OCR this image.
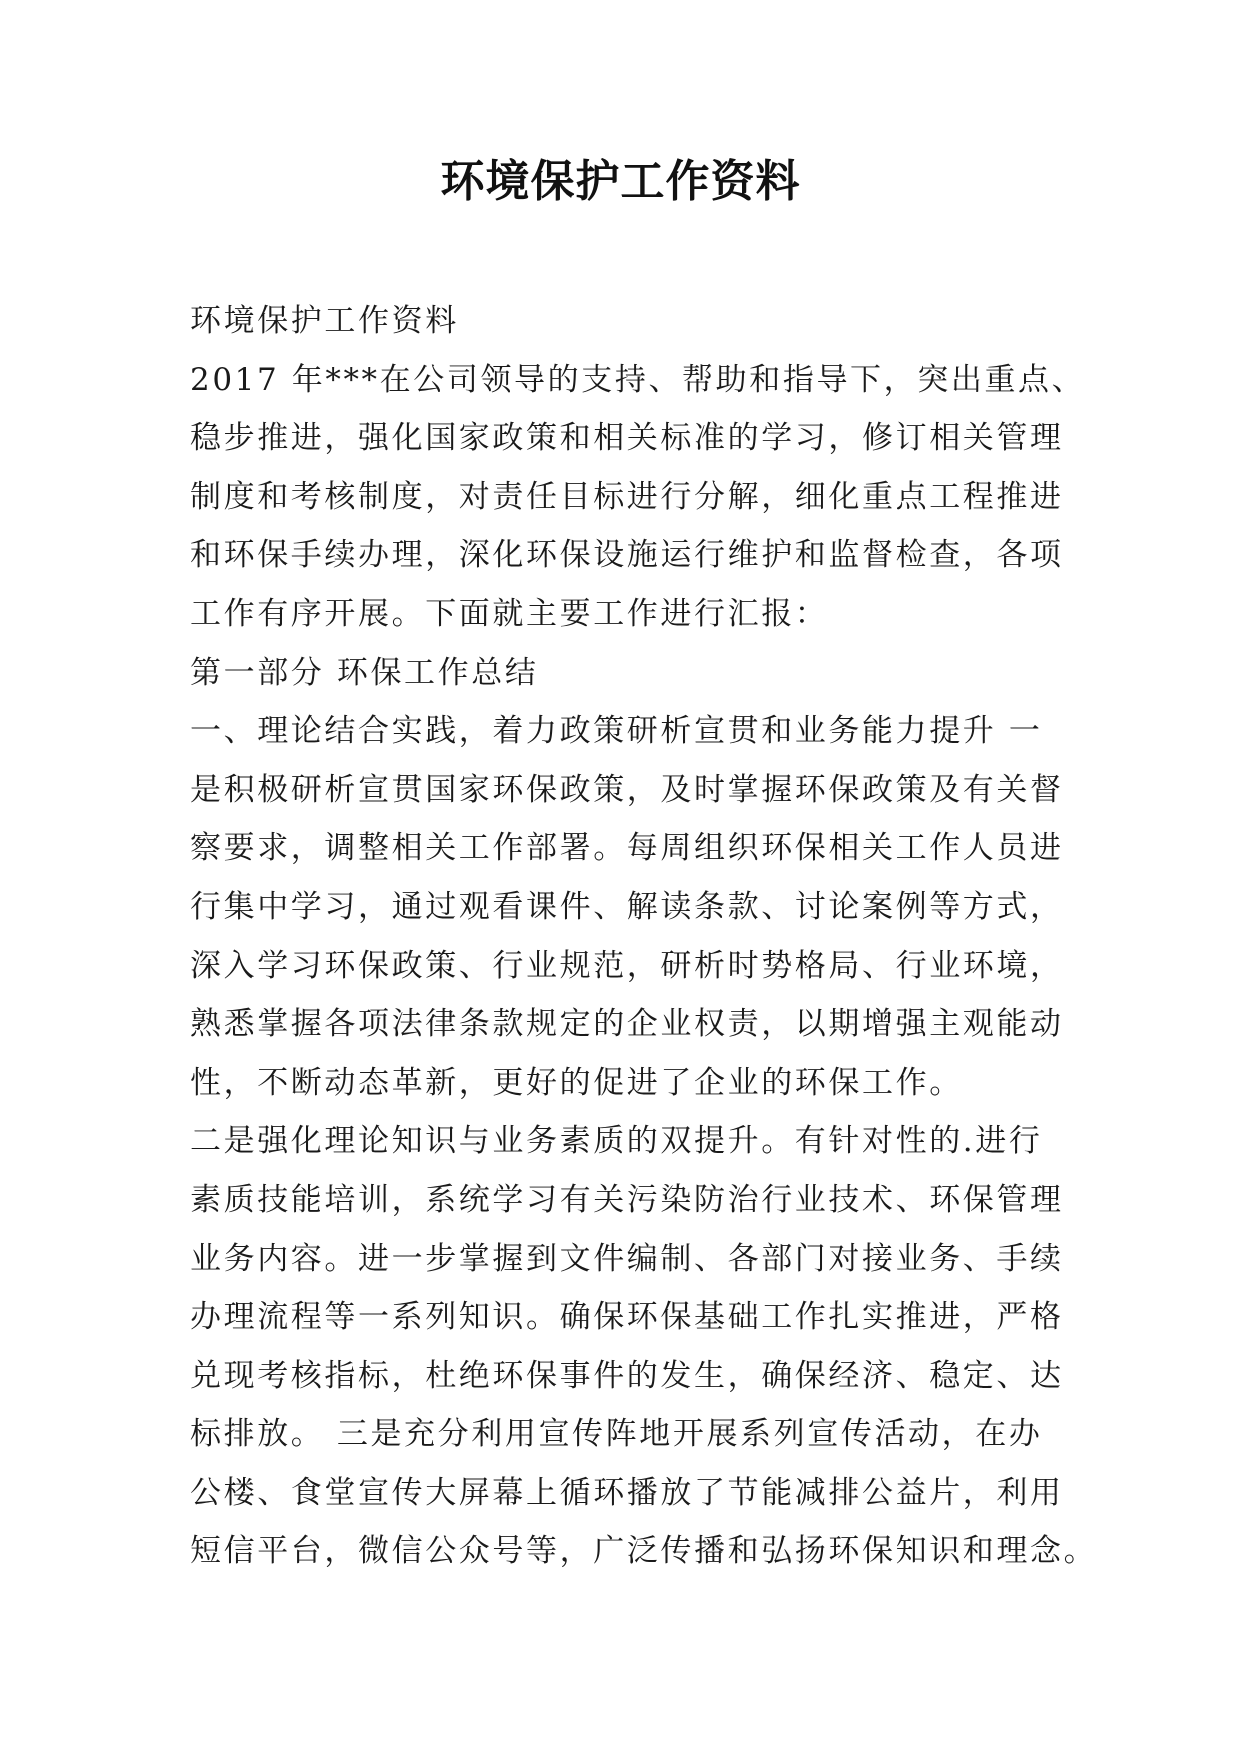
环境保护工作资料
环境保护工作资料
2017 年***在公司领导的支持、帮助和指导下，突出重点、
稳步推进，强化国家政策和相关标准的学习，修订相关管理
制度和考核制度，对责任目标进行分解，细化重点工程推进
和环保手续办理，深化环保设施运行维护和监督检查，各项
工作有序开展。下面就主要工作进行汇报：
第一部分 环保工作总结
一、理论结合实践，着力政策研析宣贯和业务能力提升 一
是积极研析宣贯国家环保政策，及时掌握环保政策及有关督
察要求，调整相关工作部署。每周组织环保相关工作人员进
行集中学习，通过观看课件、解读条款、讨论案例等方式，
深入学习环保政策、行业规范，研析时势格局、行业环境，
熟悉掌握各项法律条款规定的企业权责，以期增强主观能动
性，不断动态革新，更好的促进了企业的环保工作。
二是强化理论知识与业务素质的双提升。有针对性的.进行
素质技能培训，系统学习有关污染防治行业技术、环保管理
业务内容。进一步掌握到文件编制、各部门对接业务、手续
办理流程等一系列知识。确保环保基础工作扎实推进，严格
兑现考核指标，杜绝环保事件的发生，确保经济、稳定、达
标排放。 三是充分利用宣传阵地开展系列宣传活动，在办
公楼、食堂宣传大屏幕上循环播放了节能减排公益片，利用
短信平台，微信公众号等，广泛传播和弘扬环保知识和理念。
